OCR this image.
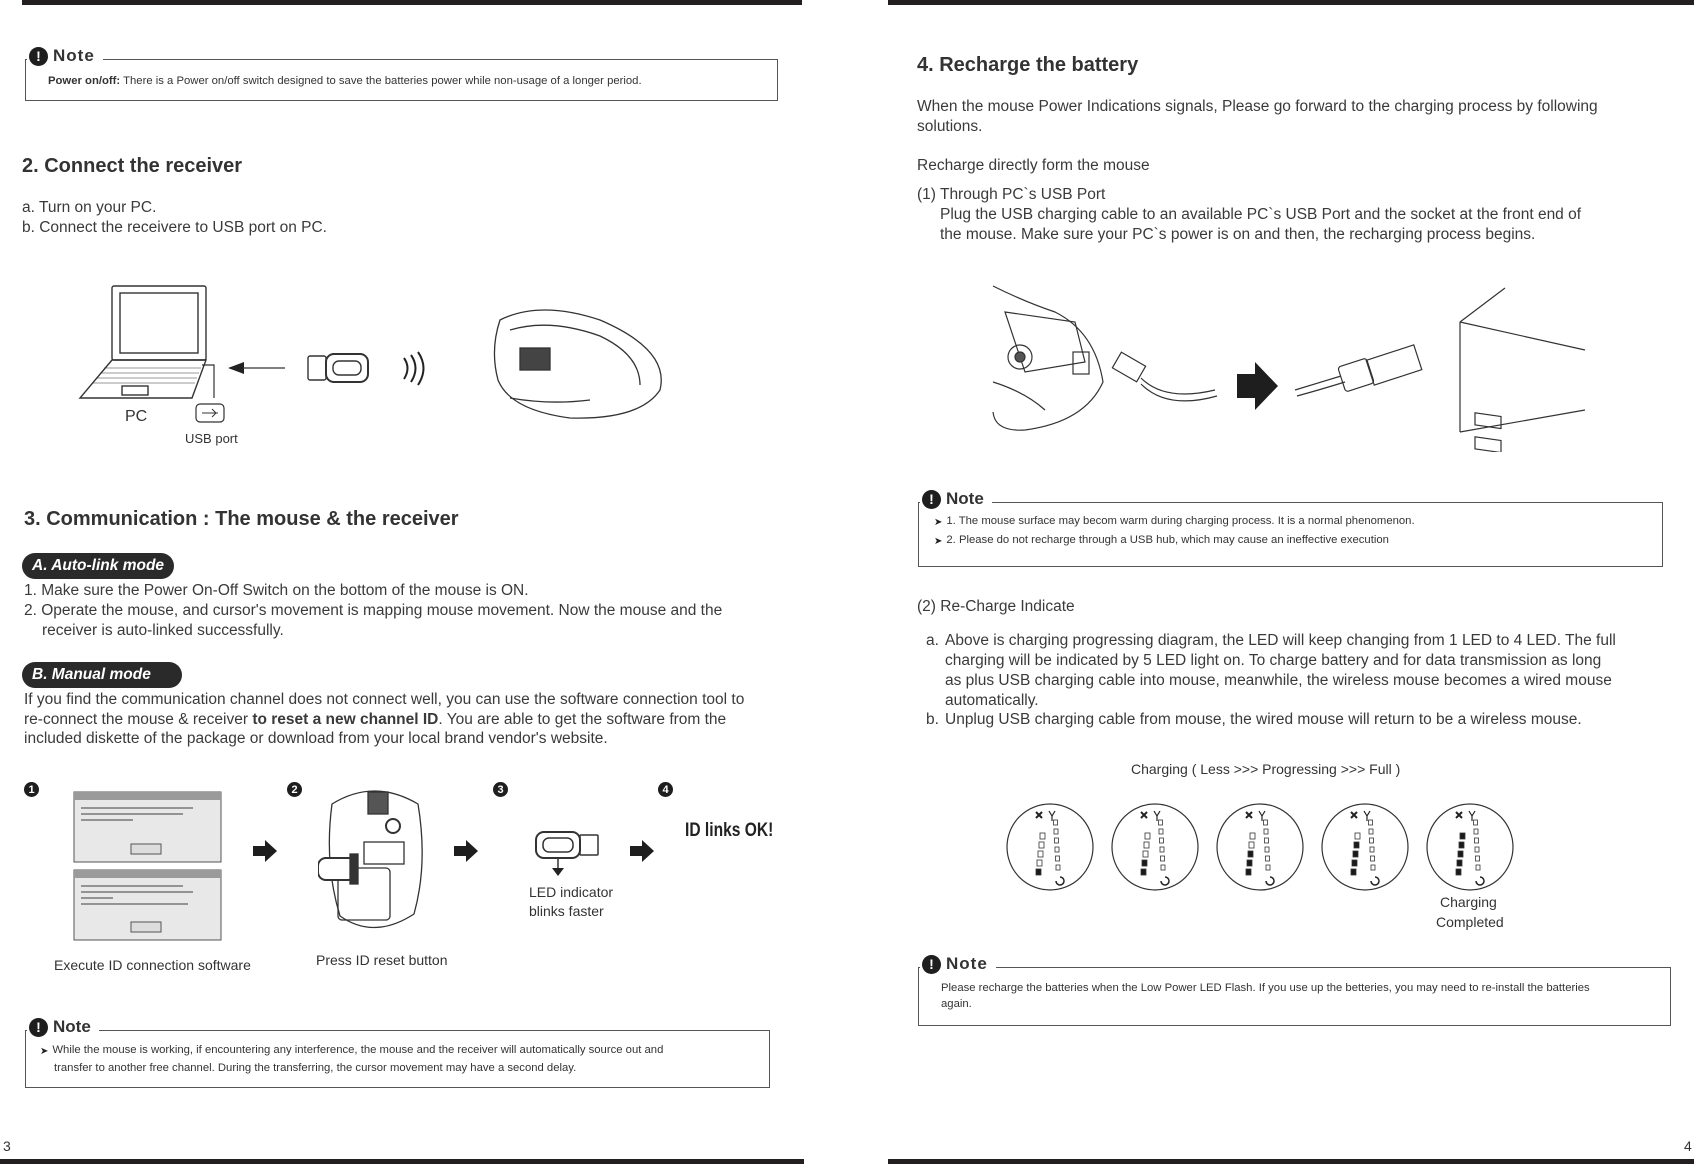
! Note
Power on/off: There is a Power on/off switch designed to save the batteries power while non-usage of a longer period.
2. Connect the receiver
a. Turn on your PC.
b. Connect the receivere to USB port on PC.
PC
USB port
3. Communication : The mouse & the receiver
A. Auto-link mode
1. Make sure the Power On-Off Switch on the bottom of the mouse is ON.
2. Operate the mouse, and cursor's movement is mapping mouse movement. Now the mouse and the
receiver is auto-linked successfully.
B. Manual mode
If you find the communication channel does not connect well, you can use the software connection tool to re-connect the mouse & receiver to reset a new channel ID. You are able to get the software from the included diskette of the package or download from your local brand vendor's website.
1	2	3	4
Execute ID connection software	Press ID reset button
LED indicator
blinks faster
ID links OK!
! Note
➤ While the mouse is working, if encountering any interference, the mouse and the receiver will automatically source out and
transfer to another free channel. During the transferring, the cursor movement may have a second delay.
3
4. Recharge the battery
When the mouse Power Indications signals, Please go forward to the charging process by following
solutions.
Recharge directly form the mouse
(1) Through PC`s USB Port
Plug the USB charging cable to an available PC`s USB Port and the socket at the front end of
the mouse. Make sure your PC`s power is on and then, the recharging process begins.
! Note
➤ 1. The mouse surface may becom warm during charging process. It is a normal phenomenon.
➤ 2. Please do not recharge through a USB hub, which may cause an ineffective execution
(2) Re-Charge Indicate
a. Above is charging progressing diagram, the LED will keep changing from 1 LED to 4 LED. The full
charging will be indicated by 5 LED light on. To charge battery and for data transmission as long
as plus USB charging cable into mouse, meanwhile, the wireless mouse becomes a wired mouse
automatically.
b. Unplug USB charging cable from mouse, the wired mouse will return to be a wireless mouse.
Charging ( Less >>> Progressing >>> Full )
Charging
Completed
! Note
Please recharge the batteries when the Low Power LED Flash. If you use up the betteries, you may need to re-install the batteries
again.
4
